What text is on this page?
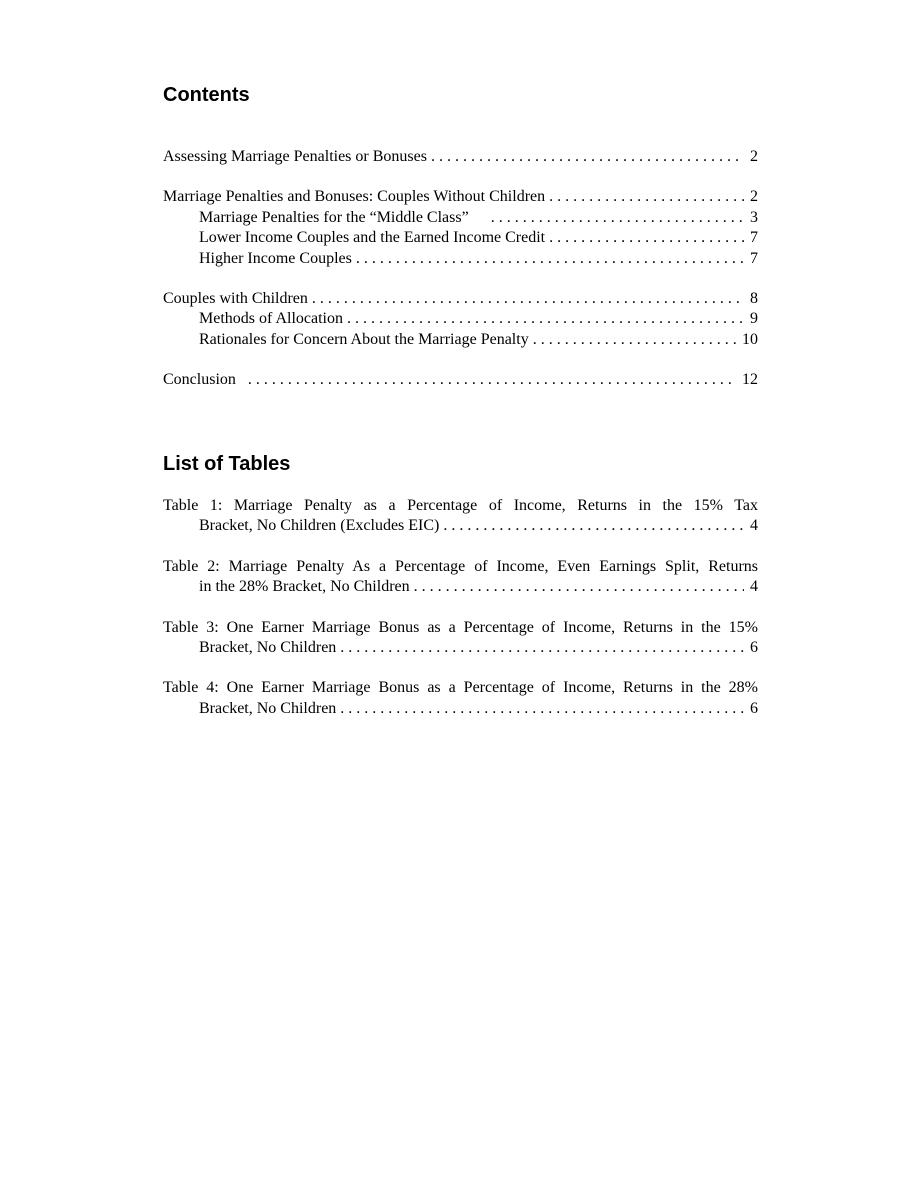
Contents
Assessing Marriage Penalties or Bonuses . . .	2
Marriage Penalties and Bonuses: Couples Without Children . . .	2
Marriage Penalties for the “Middle Class” . . .	3
Lower Income Couples and the Earned Income Credit . . .	7
Higher Income Couples . . .	7
Couples with Children . . .	8
Methods of Allocation . . .	9
Rationales for Concern About the Marriage Penalty . . .	10
Conclusion . . .	12
List of Tables
Table 1: Marriage Penalty as a Percentage of Income, Returns in the 15% Tax
Bracket, No Children (Excludes EIC) . . .	4
Table 2: Marriage Penalty As a Percentage of Income, Even Earnings Split, Returns
in the 28% Bracket, No Children . . .	4
Table 3: One Earner Marriage Bonus as a Percentage of Income, Returns in the 15%
Bracket, No Children . . .	6
Table 4: One Earner Marriage Bonus as a Percentage of Income, Returns in the 28%
Bracket, No Children . . .	6
